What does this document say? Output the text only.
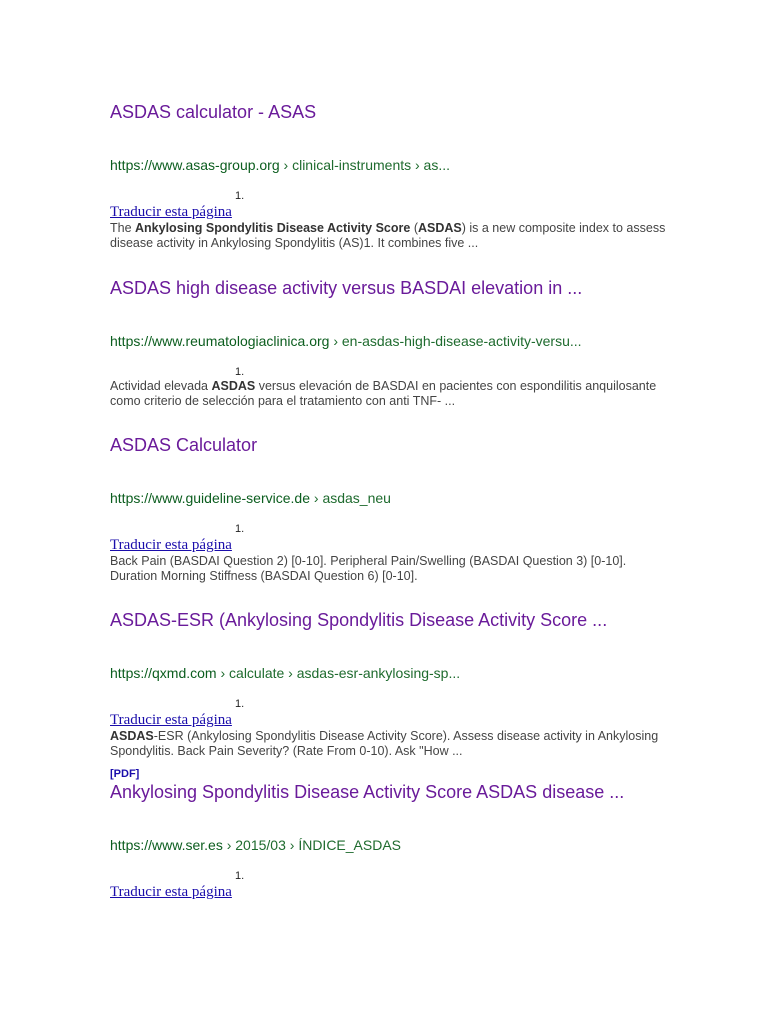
ASDAS calculator - ASAS
https://www.asas-group.org › clinical-instruments › as...
1.
Traducir esta página

The Ankylosing Spondylitis Disease Activity Score (ASDAS) is a new composite index to assess disease activity in Ankylosing Spondylitis (AS)1. It combines five ...

ASDAS high disease activity versus BASDAI elevation in ...
https://www.reumatologiaclinica.org › en-asdas-high-disease-activity-versu...
1.

Actividad elevada ASDAS versus elevación de BASDAI en pacientes con espondilitis anquilosante como criterio de selección para el tratamiento con anti TNF- ...

ASDAS Calculator
https://www.guideline-service.de › asdas_neu
1.
Traducir esta página

Back Pain (BASDAI Question 2) [0-10]. Peripheral Pain/Swelling (BASDAI Question 3) [0-10]. Duration Morning Stiffness (BASDAI Question 6) [0-10].

ASDAS-ESR (Ankylosing Spondylitis Disease Activity Score ...
https://qxmd.com › calculate › asdas-esr-ankylosing-sp...
1.
Traducir esta página

ASDAS-ESR (Ankylosing Spondylitis Disease Activity Score). Assess disease activity in Ankylosing Spondylitis. Back Pain Severity? (Rate From 0-10). Ask "How ...

[PDF]
Ankylosing Spondylitis Disease Activity Score ASDAS disease ...
https://www.ser.es › 2015/03 › ÍNDICE_ASDAS
1.
Traducir esta página
